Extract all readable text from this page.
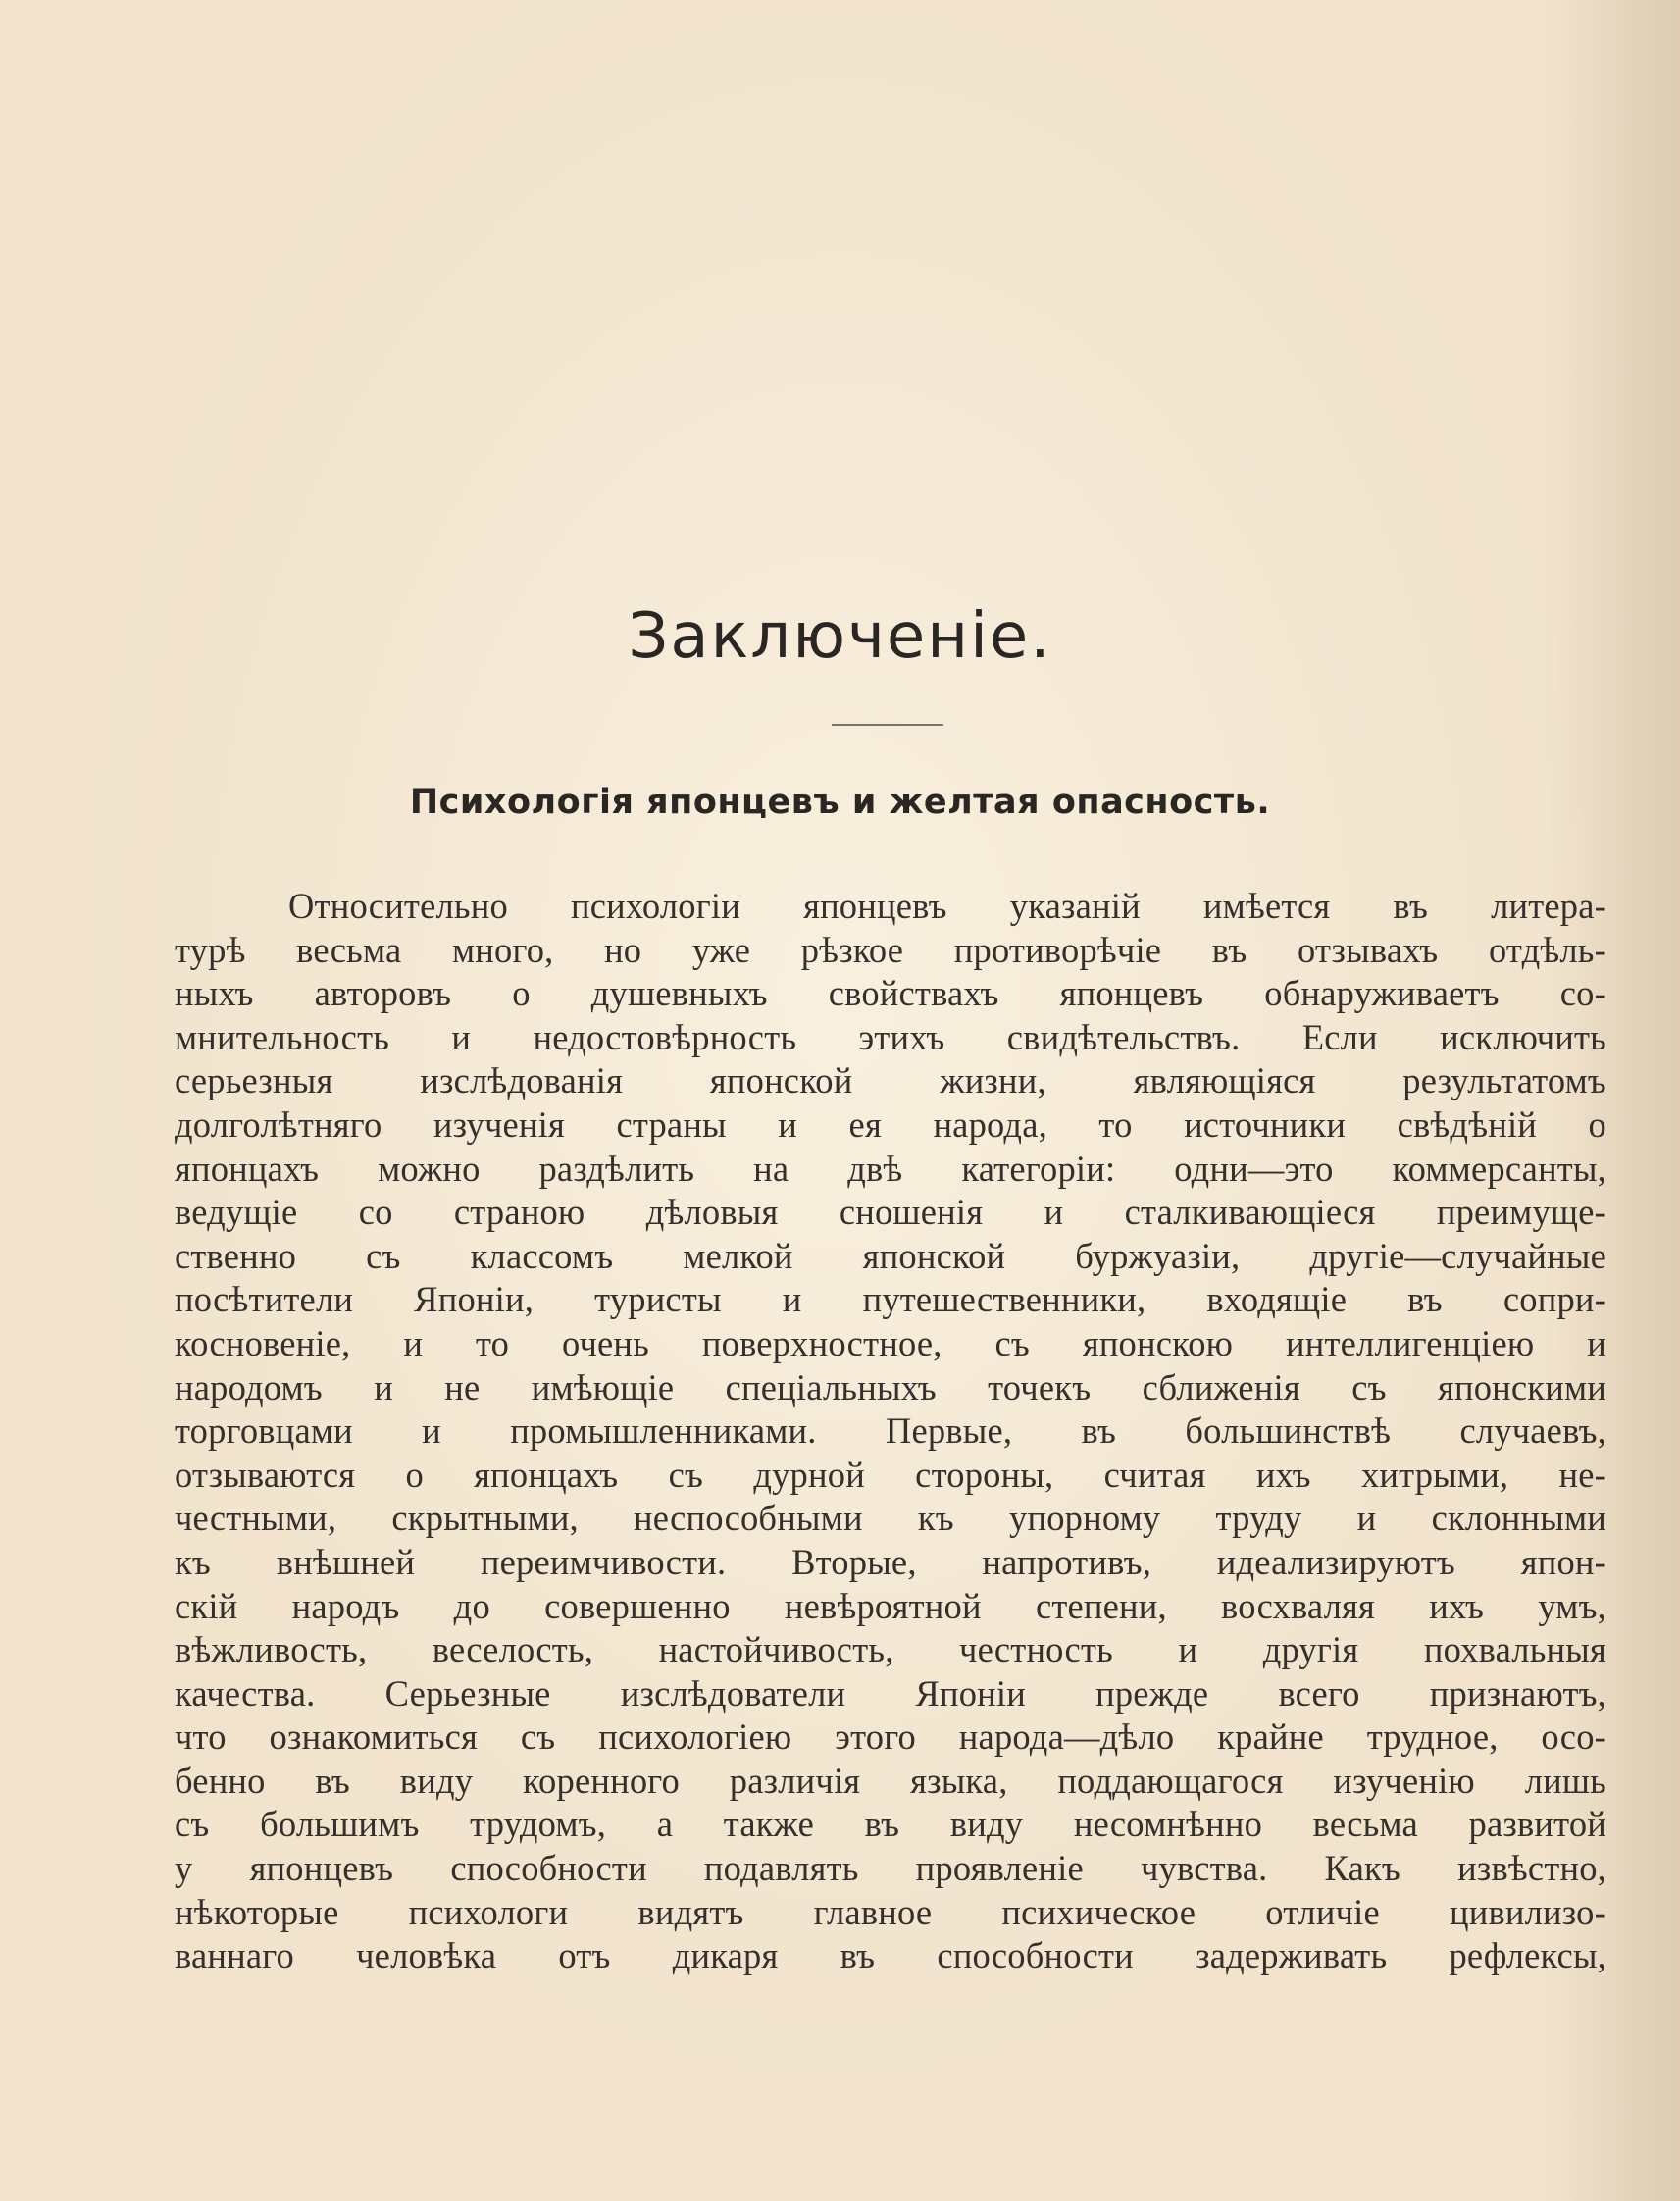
Заключенiе.
Психологiя японцевъ и желтая опасность.
Относительно психологiи японцевъ указанiй имѣется въ литера-
турѣ весьма много, но уже рѣзкое противорѣчiе въ отзывахъ отдѣль-
ныхъ авторовъ о душевныхъ свойствахъ японцевъ обнаруживаетъ со-
мнительность и недостовѣрность этихъ свидѣтельствъ. Если исключить
серьезныя изслѣдованiя японской жизни, являющiяся результатомъ
долголѣтняго изученiя страны и ея народа, то источники свѣдѣнiй о
японцахъ можно раздѣлить на двѣ категорiи: одни—это коммерсанты,
ведущiе со страною дѣловыя сношенiя и сталкивающiеся преимуще-
ственно съ классомъ мелкой японской буржуазiи, другiе—случайные
посѣтители Японiи, туристы и путешественники, входящiе въ сопри-
косновенiе, и то очень поверхностное, съ японскою интеллигенцiею и
народомъ и не имѣющiе спецiальныхъ точекъ сближенiя съ японскими
торговцами и промышленниками. Первые, въ большинствѣ случаевъ,
отзываются о японцахъ съ дурной стороны, считая ихъ хитрыми, не-
честными, скрытными, неспособными къ упорному труду и склонными
къ внѣшней переимчивости. Вторые, напротивъ, идеализируютъ япон-
скiй народъ до совершенно невѣроятной степени, восхваляя ихъ умъ,
вѣжливость, веселость, настойчивость, честность и другiя похвальныя
качества. Серьезные изслѣдователи Японiи прежде всего признаютъ,
что ознакомиться съ психологiею этого народа—дѣло крайне трудное, осо-
бенно въ виду коренного различiя языка, поддающагося изученiю лишь
съ большимъ трудомъ, а также въ виду несомнѣнно весьма развитой
у японцевъ способности подавлять проявленiе чувства. Какъ извѣстно,
нѣкоторые психологи видятъ главное психическое отличiе цивилизо-
ваннаго человѣка отъ дикаря въ способности задерживать рефлексы,
